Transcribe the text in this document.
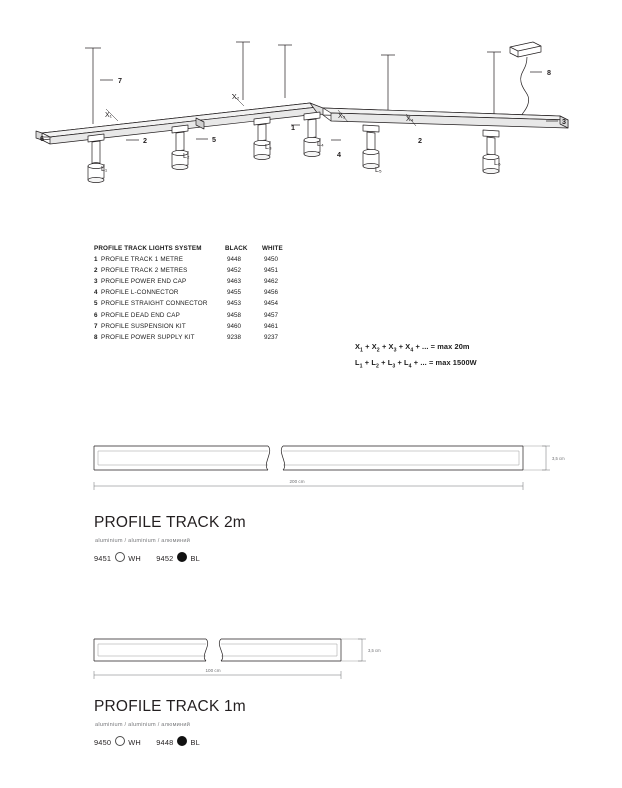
7
2	5
3
6
8
1
4
2
X₁
X₂
X₃	X₄
L₁
L₂
L₃	L₄
L₅
L₆
PROFILE TRACK LIGHTS SYSTEM	BLACK WHITE
1 PROFILE TRACK 1 METRE	9448	9450
2 PROFILE TRACK 2 METRES	9452	9451
3 PROFILE POWER END CAP	9463	9462
4 PROFILE L-CONNECTOR	9455	9456
5 PROFILE STRAIGHT CONNECTOR	9453	9454
6 PROFILE DEAD END CAP	9458	9457
7 PROFILE SUSPENSION KIT	9460	9461
8 PROFILE POWER SUPPLY KIT	9238	9237
$X_1 + X_2 + X_3 + X_4$ + ... = max 20m
$L_1 + L_2 + L_3 + L_4$ + ... = max 1500W
200 cm
3,5 cm
PROFILE TRACK 2m
aluminium / aluminium / алюминий
9451 WH 9452 BL
100 cm
3,5 cm
PROFILE TRACK 1m
aluminium / aluminium / алюминий
9450 WH 9448 BL
